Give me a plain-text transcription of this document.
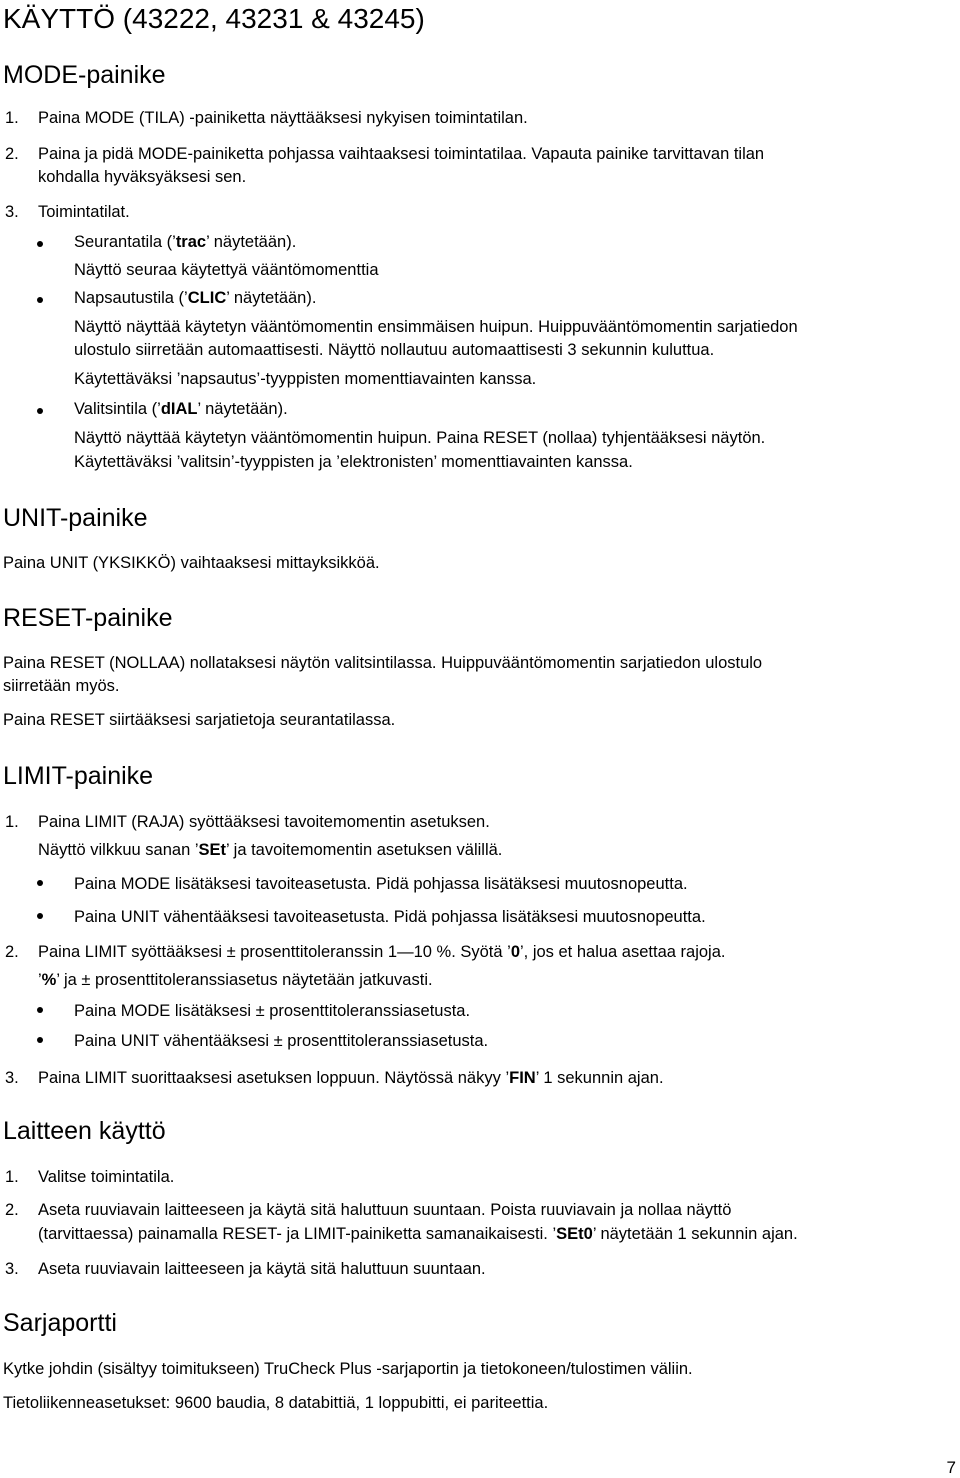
KÄYTTÖ (43222, 43231 & 43245)
MODE-painike
1. Paina MODE (TILA) -painiketta näyttääksesi nykyisen toimintatilan.
2. Paina ja pidä MODE-painiketta pohjassa vaihtaaksesi toimintatilaa. Vapauta painike tarvittavan tilan
kohdalla hyväksyäksesi sen.
3. Toimintatilat.
Seurantatila (’trac’ näytetään).
Näyttö seuraa käytettyä vääntömomenttia
Napsautustila (’CLIC’ näytetään).
Näyttö näyttää käytetyn vääntömomentin ensimmäisen huipun. Huippuvääntömomentin sarjatiedon
ulostulo siirretään automaattisesti. Näyttö nollautuu automaattisesti 3 sekunnin kuluttua.
Käytettäväksi ’napsautus’-tyyppisten momenttiavainten kanssa.
Valitsintila (’dIAL’ näytetään).
Näyttö näyttää käytetyn vääntömomentin huipun. Paina RESET (nollaa) tyhjentääksesi näytön.
Käytettäväksi ’valitsin’-tyyppisten ja ’elektronisten’ momenttiavainten kanssa.
UNIT-painike
Paina UNIT (YKSIKKÖ) vaihtaaksesi mittayksikköä.
RESET-painike
Paina RESET (NOLLAA) nollataksesi näytön valitsintilassa. Huippuvääntömomentin sarjatiedon ulostulo
siirretään myös.
Paina RESET siirtääksesi sarjatietoja seurantatilassa.
LIMIT-painike
1. Paina LIMIT (RAJA) syöttääksesi tavoitemomentin asetuksen.
Näyttö vilkkuu sanan ’SEt’ ja tavoitemomentin asetuksen välillä.
Paina MODE lisätäksesi tavoiteasetusta. Pidä pohjassa lisätäksesi muutosnopeutta.
Paina UNIT vähentääksesi tavoiteasetusta. Pidä pohjassa lisätäksesi muutosnopeutta.
2. Paina LIMIT syöttääksesi ± prosenttitoleranssin 1—10 %. Syötä ’0’, jos et halua asettaa rajoja.
’%’ ja ± prosenttitoleranssiasetus näytetään jatkuvasti.
Paina MODE lisätäksesi ± prosenttitoleranssiasetusta.
Paina UNIT vähentääksesi ± prosenttitoleranssiasetusta.
3. Paina LIMIT suorittaaksesi asetuksen loppuun. Näytössä näkyy ’FIN’ 1 sekunnin ajan.
Laitteen käyttö
1. Valitse toimintatila.
2. Aseta ruuviavain laitteeseen ja käytä sitä haluttuun suuntaan. Poista ruuviavain ja nollaa näyttö
(tarvittaessa) painamalla RESET- ja LIMIT-painiketta samanaikaisesti. ’SEt0’ näytetään 1 sekunnin ajan.
3. Aseta ruuviavain laitteeseen ja käytä sitä haluttuun suuntaan.
Sarjaportti
Kytke johdin (sisältyy toimitukseen) TruCheck Plus -sarjaportin ja tietokoneen/tulostimen väliin.
Tietoliikenneasetukset: 9600 baudia, 8 databittiä, 1 loppubitti, ei pariteettia.
7
